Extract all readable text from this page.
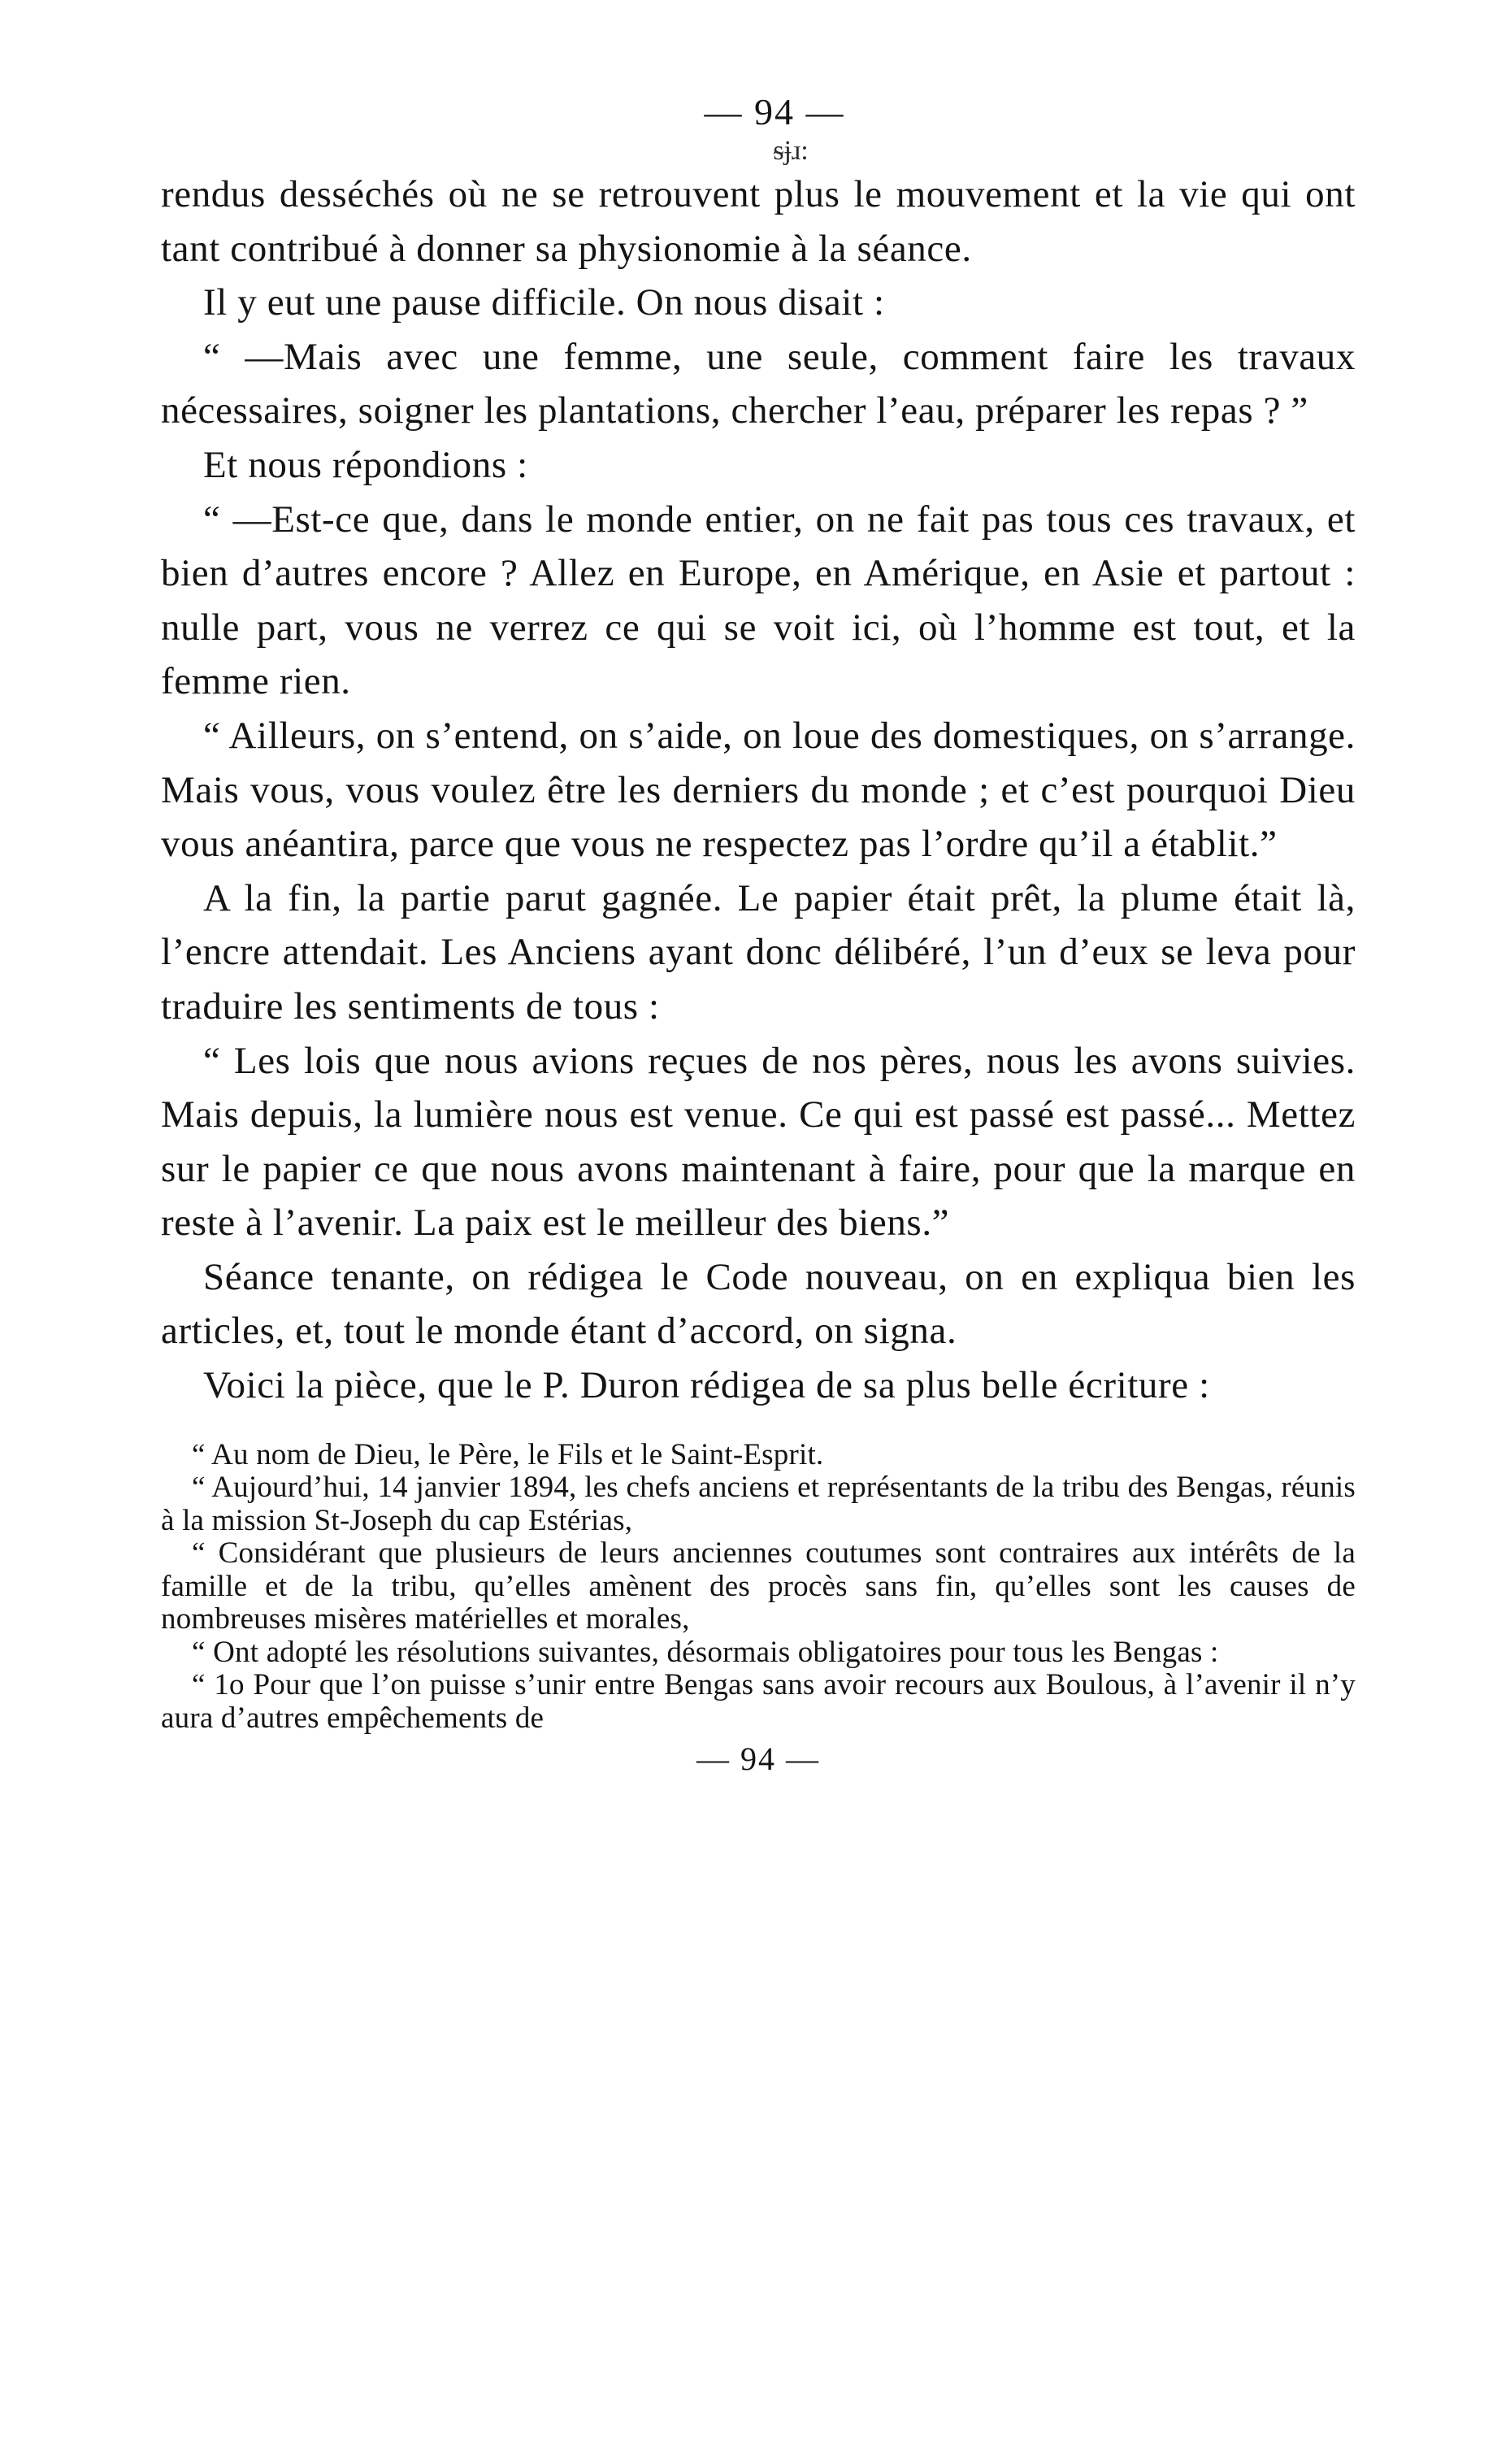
— 94 —
ᵴɉɹ:

rendus desséchés où ne se retrouvent plus le mouvement et la vie qui ont tant contribué à donner sa physionomie à la séance.

Il y eut une pause difficile. On nous disait :

“ —Mais avec une femme, une seule, comment faire les travaux nécessaires, soigner les plantations, chercher l’eau, préparer les repas ? ”

Et nous répondions :

“ —Est-ce que, dans le monde entier, on ne fait pas tous ces travaux, et bien d’autres encore ? Allez en Europe, en Amérique, en Asie et partout : nulle part, vous ne verrez ce qui se voit ici, où l’homme est tout, et la femme rien.

“ Ailleurs, on s’entend, on s’aide, on loue des domestiques, on s’arrange. Mais vous, vous voulez être les derniers du monde ; et c’est pourquoi Dieu vous anéantira, parce que vous ne respectez pas l’ordre qu’il a établit.”

A la fin, la partie parut gagnée. Le papier était prêt, la plume était là, l’encre attendait. Les Anciens ayant donc délibéré, l’un d’eux se leva pour traduire les sentiments de tous :

“ Les lois que nous avions reçues de nos pères, nous les avons suivies. Mais depuis, la lumière nous est venue. Ce qui est passé est passé... Mettez sur le papier ce que nous avons maintenant à faire, pour que la marque en reste à l’avenir. La paix est le meilleur des biens.”

Séance tenante, on rédigea le Code nouveau, on en expliqua bien les articles, et, tout le monde étant d’accord, on signa.

Voici la pièce, que le P. Duron rédigea de sa plus belle écriture :

“ Au nom de Dieu, le Père, le Fils et le Saint-Esprit.

“ Aujourd’hui, 14 janvier 1894, les chefs anciens et représentants de la tribu des Bengas, réunis à la mission St-Joseph du cap Estérias,

“ Considérant que plusieurs de leurs anciennes coutumes sont contraires aux intérêts de la famille et de la tribu, qu’elles amènent des procès sans fin, qu’elles sont les causes de nombreuses misères matérielles et morales,

“ Ont adopté les résolutions suivantes, désormais obligatoires pour tous les Bengas :

“ 1o Pour que l’on puisse s’unir entre Bengas sans avoir recours aux Boulous, à l’avenir il n’y aura d’autres empêchements de

— 94 —
